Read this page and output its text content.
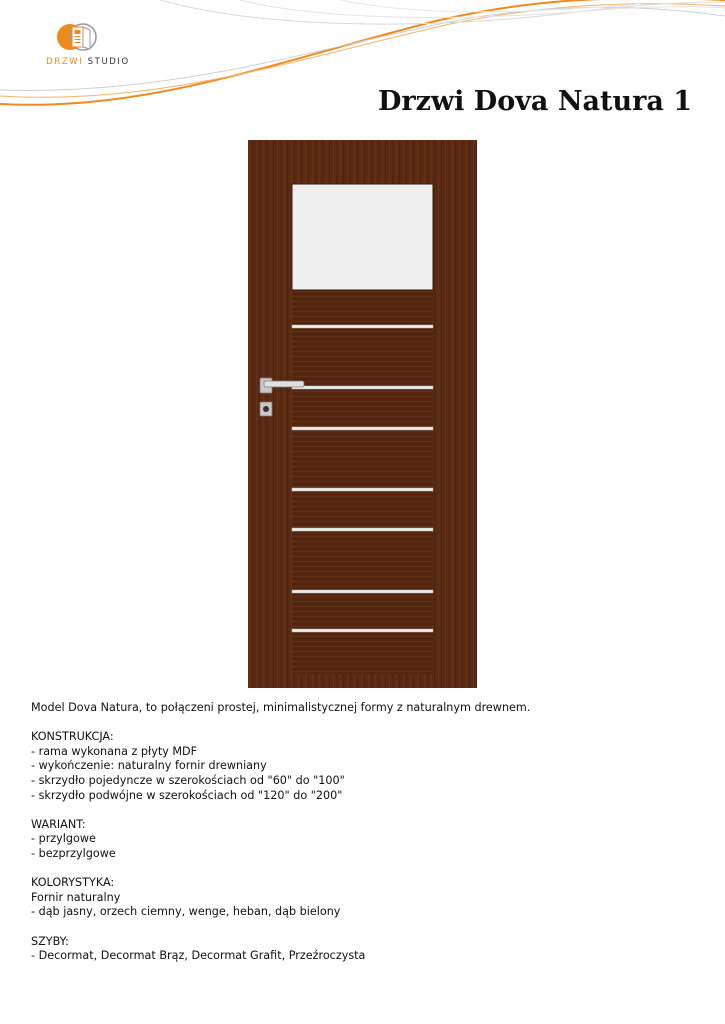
DRZWI STUDIO
Drzwi Dova Natura 1

Model Dova Natura, to połączeni prostej, minimalistycznej formy z naturalnym drewnem.

KONSTRUKCJA:
- rama wykonana z płyty MDF
- wykończenie: naturalny fornir drewniany
- skrzydło pojedyncze w szerokościach od "60" do "100"
- skrzydło podwójne w szerokościach od "120" do "200"

WARIANT:
- przylgowe
- bezprzylgowe

KOLORYSTYKA:
Fornir naturalny
- dąb jasny, orzech ciemny, wenge, heban, dąb bielony

SZYBY:
- Decormat, Decormat Brąz, Decormat Grafit, Przeźroczysta
